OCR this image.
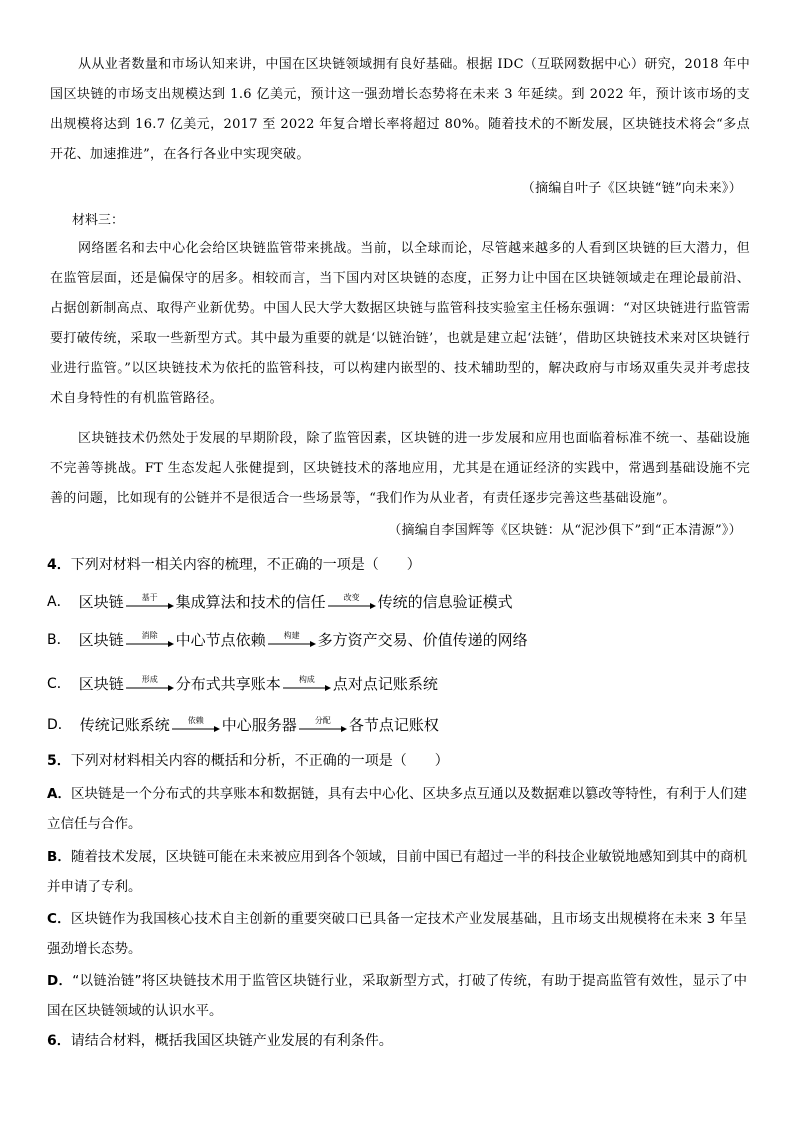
从从业者数量和市场认知来讲，中国在区块链领域拥有良好基础。根据 IDC（互联网数据中心）研究，2018 年中国区块链的市场支出规模达到 1.6 亿美元，预计这一强劲增长态势将在未来 3 年延续。到 2022 年，预计该市场的支出规模将达到 16.7 亿美元，2017 至 2022 年复合增长率将超过 80%。随着技术的不断发展，区块链技术将会“多点开花、加速推进”，在各行各业中实现突破。

（摘编自叶子《区块链“链”向未来》）

材料三：

网络匿名和去中心化会给区块链监管带来挑战。当前，以全球而论，尽管越来越多的人看到区块链的巨大潜力，但在监管层面，还是偏保守的居多。相较而言，当下国内对区块链的态度，正努力让中国在区块链领域走在理论最前沿、占据创新制高点、取得产业新优势。中国人民大学大数据区块链与监管科技实验室主任杨东强调：“对区块链进行监管需要打破传统，采取一些新型方式。其中最为重要的就是‘以链治链’，也就是建立起‘法链’，借助区块链技术来对区块链行业进行监管。”以区块链技术为依托的监管科技，可以构建内嵌型的、技术辅助型的，解决政府与市场双重失灵并考虑技术自身特性的有机监管路径。

区块链技术仍然处于发展的早期阶段，除了监管因素，区块链的进一步发展和应用也面临着标准不统一、基础设施不完善等挑战。FT 生态发起人张健提到，区块链技术的落地应用，尤其是在通证经济的实践中，常遇到基础设施不完善的问题，比如现有的公链并不是很适合一些场景等，“我们作为从业者，有责任逐步完善这些基础设施”。

（摘编自李国辉等《区块链：从“泥沙俱下”到“正本清源”》）

4．下列对材料一相关内容的梳理，不正确的一项是（　　）

A． 区块链 基于 集成算法和技术的信任 改变 传统的信息验证模式
B． 区块链 消除 中心节点依赖 构建 多方资产交易、价值传递的网络
C． 区块链 形成 分布式共享账本 构成 点对点记账系统
D． 传统记账系统 依赖 中心服务器 分配 各节点记账权

5．下列对材料相关内容的概括和分析，不正确的一项是（　　）

A．区块链是一个分布式的共享账本和数据链，具有去中心化、区块多点互通以及数据难以篡改等特性，有利于人们建立信任与合作。

B．随着技术发展，区块链可能在未来被应用到各个领域，目前中国已有超过一半的科技企业敏锐地感知到其中的商机并申请了专利。

C．区块链作为我国核心技术自主创新的重要突破口已具备一定技术产业发展基础，且市场支出规模将在未来 3 年呈强劲增长态势。

D．“以链治链”将区块链技术用于监管区块链行业，采取新型方式，打破了传统，有助于提高监管有效性，显示了中国在区块链领域的认识水平。

6．请结合材料，概括我国区块链产业发展的有利条件。
